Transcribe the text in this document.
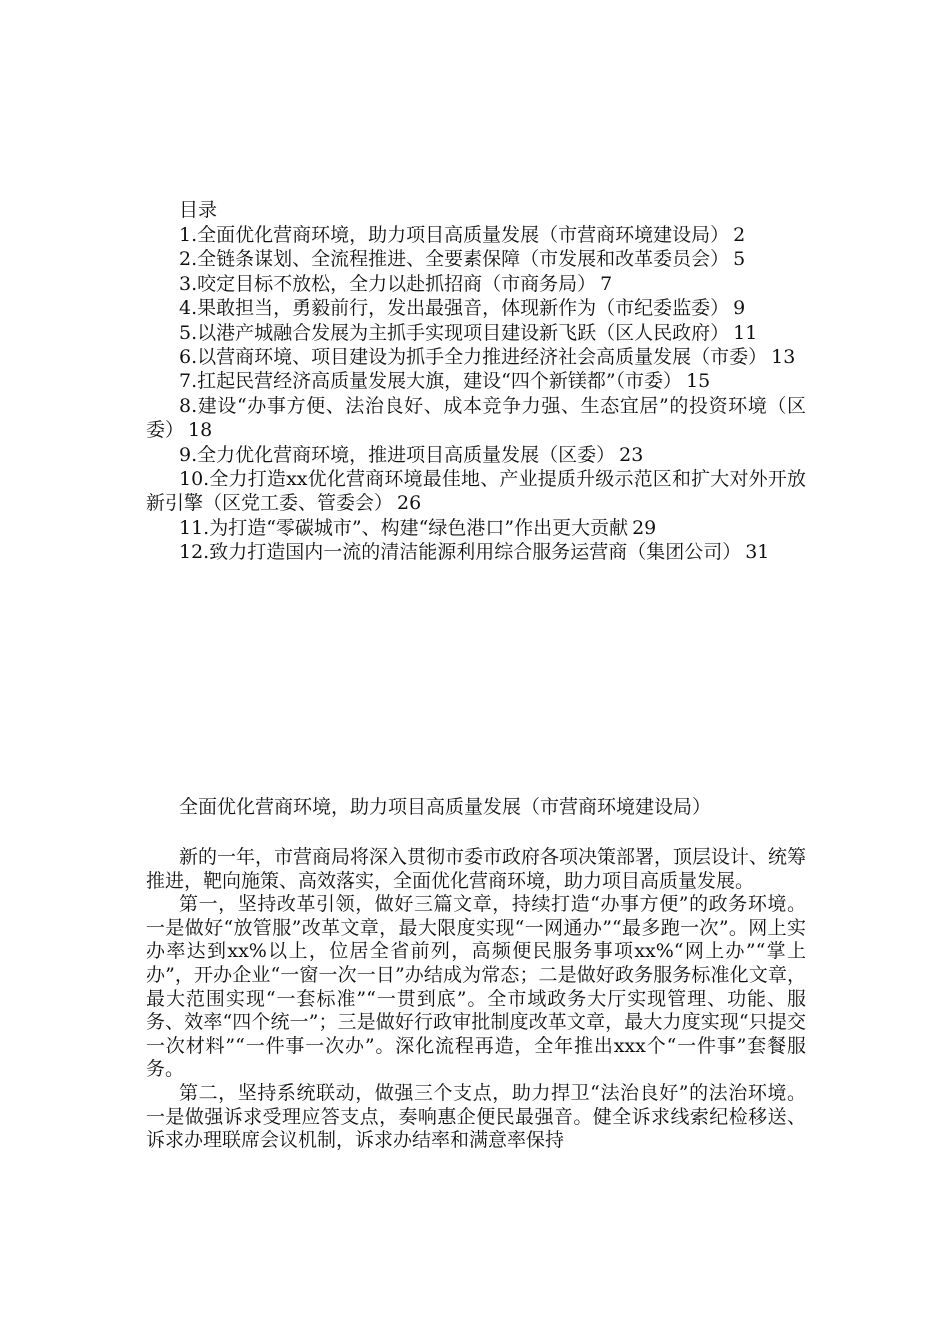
目录
1.全面优化营商环境，助力项目高质量发展（市营商环境建设局） 2
2.全链条谋划、全流程推进、全要素保障（市发展和改革委员会） 5
3.咬定目标不放松，全力以赴抓招商（市商务局） 7
4.果敢担当，勇毅前行，发出最强音，体现新作为（市纪委监委） 9
5.以港产城融合发展为主抓手实现项目建设新飞跃（区人民政府） 11
6.以营商环境、项目建设为抓手全力推进经济社会高质量发展（市委） 13
7.扛起民营经济高质量发展大旗，建设“四个新镁都”（市委） 15
8.建设“办事方便、法治良好、成本竞争力强、生态宜居”的投资环境（区委） 18
9.全力优化营商环境，推进项目高质量发展（区委） 23
10.全力打造xx优化营商环境最佳地、产业提质升级示范区和扩大对外开放新引擎（区党工委、管委会） 26
11.为打造“零碳城市”、构建“绿色港口”作出更大贡献 29
12.致力打造国内一流的清洁能源利用综合服务运营商（集团公司） 31
全面优化营商环境，助力项目高质量发展（市营商环境建设局）

新的一年，市营商局将深入贯彻市委市政府各项决策部署，顶层设计、统筹推进，靶向施策、高效落实，全面优化营商环境，助力项目高质量发展。

第一，坚持改革引领，做好三篇文章，持续打造“办事方便”的政务环境。一是做好“放管服”改革文章，最大限度实现“一网通办”“最多跑一次”。网上实办率达到xx%以上，位居全省前列，高频便民服务事项xx%“网上办”“掌上办”，开办企业“一窗一次一日”办结成为常态；二是做好政务服务标准化文章，最大范围实现“一套标准”“一贯到底”。全市域政务大厅实现管理、功能、服务、效率“四个统一”；三是做好行政审批制度改革文章，最大力度实现“只提交一次材料”“一件事一次办”。深化流程再造，全年推出xxx个“一件事”套餐服务。

第二，坚持系统联动，做强三个支点，助力捍卫“法治良好”的法治环境。一是做强诉求受理应答支点，奏响惠企便民最强音。健全诉求线索纪检移送、诉求办理联席会议机制，诉求办结率和满意率保持
